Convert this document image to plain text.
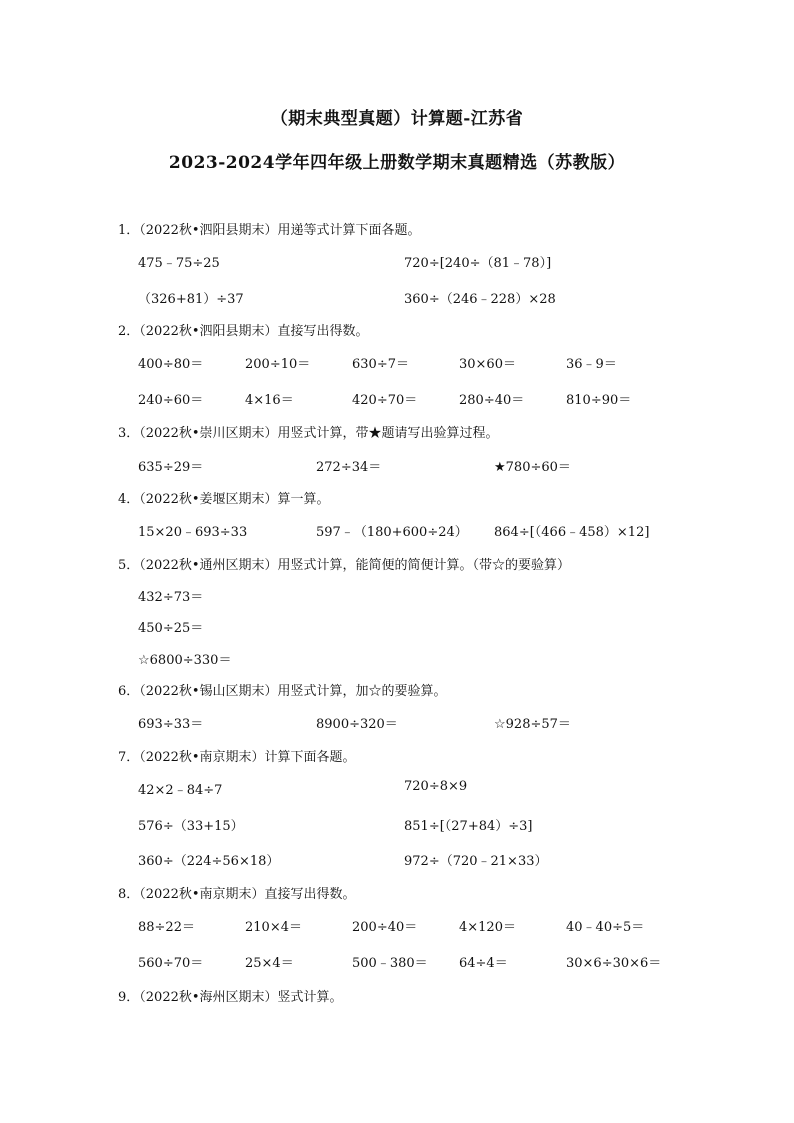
（期末典型真题）计算题-江苏省
2023-2024学年四年级上册数学期末真题精选（苏教版）
1．（2022秋•泗阳县期末）用递等式计算下面各题。
475﹣75÷25	720÷[240÷（81﹣78）]
（326+81）÷37	360÷（246﹣228）×28
2．（2022秋•泗阳县期末）直接写出得数。
400÷80＝	200÷10＝	630÷7＝	30×60＝	36﹣9＝
240÷60＝	4×16＝	420÷70＝	280÷40＝	810÷90＝
3．（2022秋•崇川区期末）用竖式计算，带★题请写出验算过程。
635÷29＝	272÷34＝	★780÷60＝
4．（2022秋•姜堰区期末）算一算。
15×20﹣693÷33	597﹣（180+600÷24） 864÷[（466﹣458）×12]
5．（2022秋•通州区期末）用竖式计算，能简便的简便计算。（带☆的要验算）
432÷73＝
450÷25＝
☆6800÷330＝
6．（2022秋•锡山区期末）用竖式计算，加☆的要验算。
693÷33＝	8900÷320＝	☆928÷57＝
7．（2022秋•南京期末）计算下面各题。
42×2﹣84÷7	720÷8×9
576÷（33+15）	851÷[（27+84）÷3]
360÷（224÷56×18）	972÷（720﹣21×33）
8．（2022秋•南京期末）直接写出得数。
88÷22＝	210×4＝	200÷40＝	4×120＝	40﹣40÷5＝
560÷70＝	25×4＝	500﹣380＝ 64÷4＝	30×6÷30×6＝
9．（2022秋•海州区期末）竖式计算。
